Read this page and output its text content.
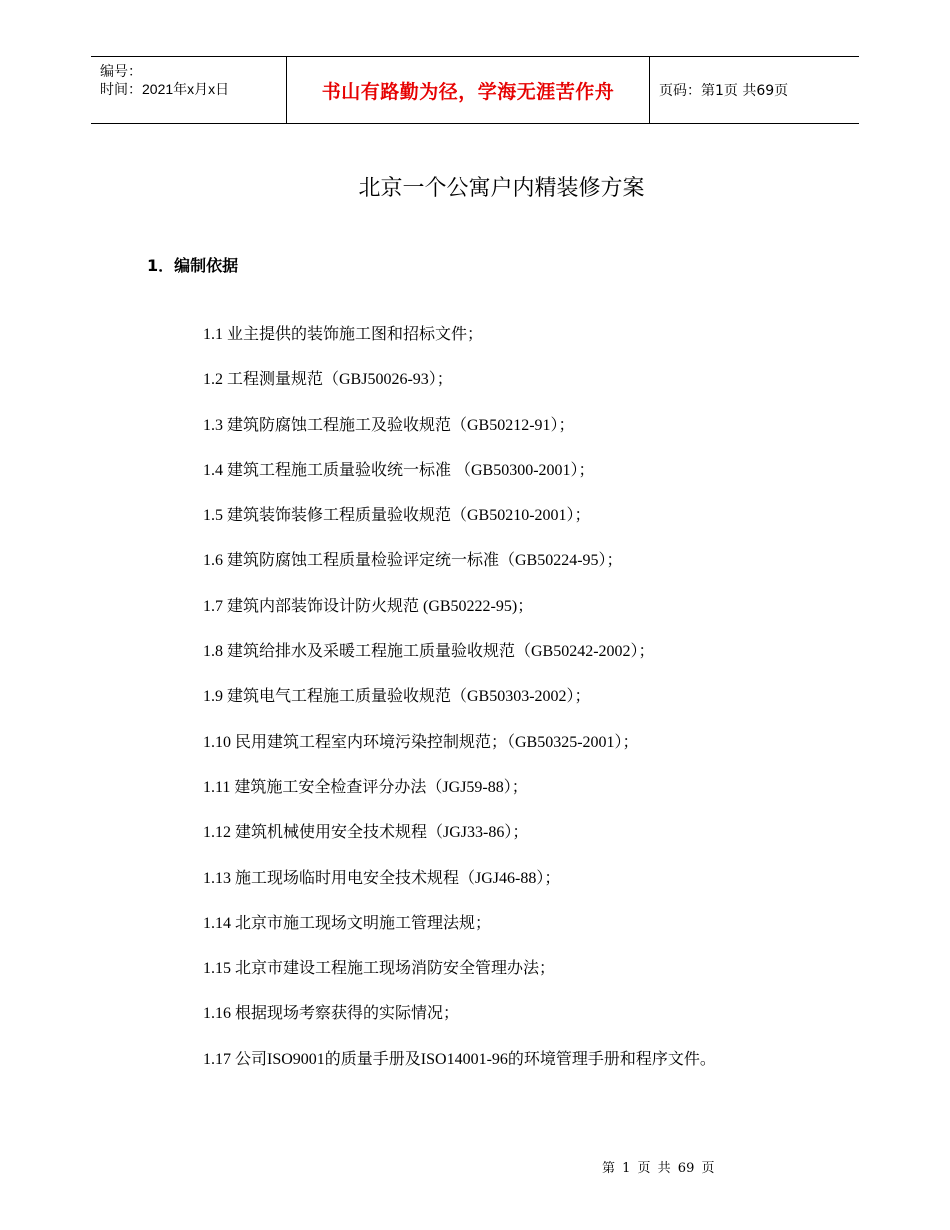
编号：
时间：2021年x月x日	书山有路勤为径，学海无涯苦作舟	页码：第1页 共69页
北京一个公寓户内精装修方案
1．编制依据
1.1 业主提供的装饰施工图和招标文件；
1.2 工程测量规范（GBJ50026-93）；
1.3 建筑防腐蚀工程施工及验收规范（GB50212-91）；
1.4 建筑工程施工质量验收统一标准 （GB50300-2001）；
1.5 建筑装饰装修工程质量验收规范（GB50210-2001）；
1.6 建筑防腐蚀工程质量检验评定统一标准（GB50224-95）；
1.7 建筑内部装饰设计防火规范 (GB50222-95)；
1.8 建筑给排水及采暖工程施工质量验收规范（GB50242-2002）；
1.9 建筑电气工程施工质量验收规范（GB50303-2002）；
1.10 民用建筑工程室内环境污染控制规范；（GB50325-2001）；
1.11 建筑施工安全检查评分办法（JGJ59-88）；
1.12 建筑机械使用安全技术规程（JGJ33-86）；
1.13 施工现场临时用电安全技术规程（JGJ46-88）；
1.14 北京市施工现场文明施工管理法规；
1.15 北京市建设工程施工现场消防安全管理办法；
1.16 根据现场考察获得的实际情况；
1.17 公司ISO9001的质量手册及ISO14001-96的环境管理手册和程序文件。
第 1 页 共 69 页
